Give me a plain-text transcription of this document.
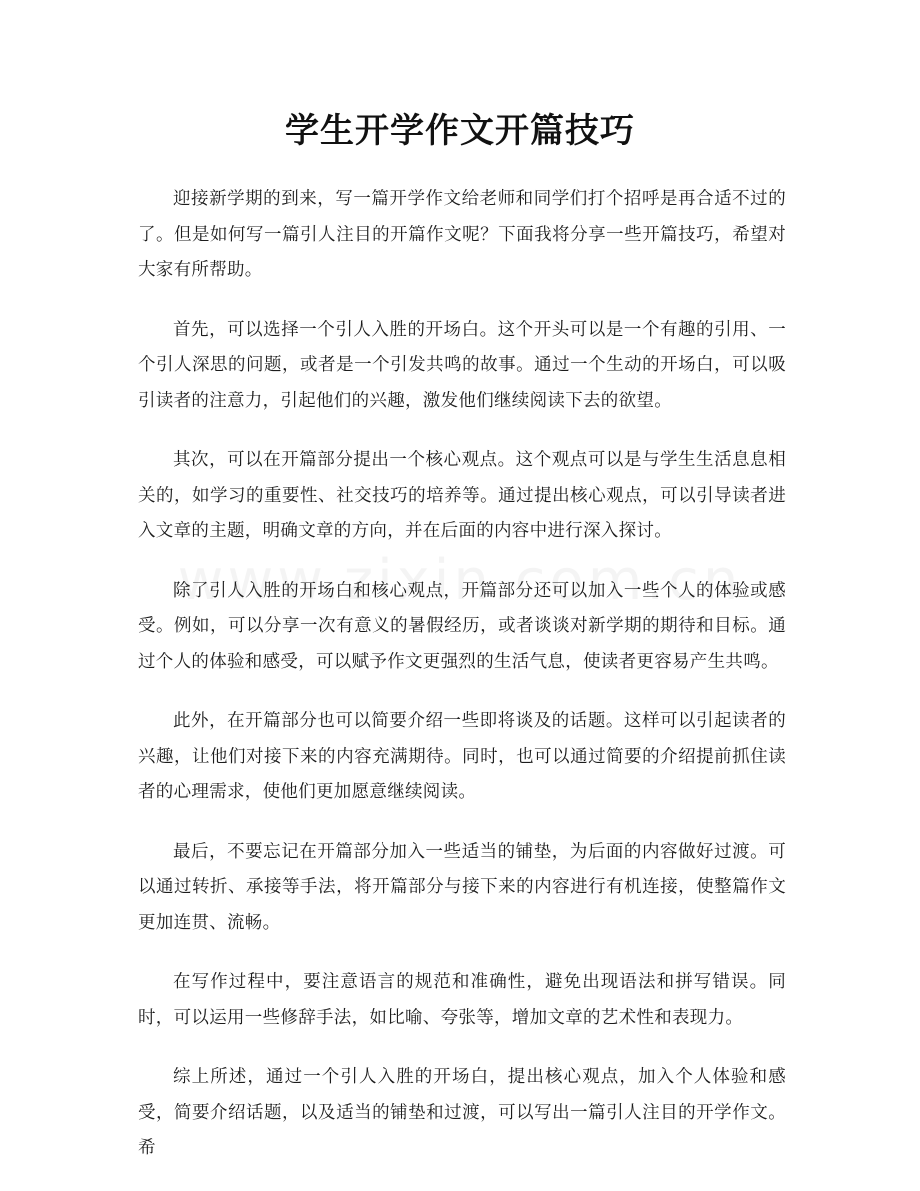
学生开学作文开篇技巧

迎接新学期的到来，写一篇开学作文给老师和同学们打个招呼是再合适不过的了。但是如何写一篇引人注目的开篇作文呢？下面我将分享一些开篇技巧，希望对大家有所帮助。

首先，可以选择一个引人入胜的开场白。这个开头可以是一个有趣的引用、一个引人深思的问题，或者是一个引发共鸣的故事。通过一个生动的开场白，可以吸引读者的注意力，引起他们的兴趣，激发他们继续阅读下去的欲望。

其次，可以在开篇部分提出一个核心观点。这个观点可以是与学生生活息息相关的，如学习的重要性、社交技巧的培养等。通过提出核心观点，可以引导读者进入文章的主题，明确文章的方向，并在后面的内容中进行深入探讨。

除了引人入胜的开场白和核心观点，开篇部分还可以加入一些个人的体验或感受。例如，可以分享一次有意义的暑假经历，或者谈谈对新学期的期待和目标。通过个人的体验和感受，可以赋予作文更强烈的生活气息，使读者更容易产生共鸣。

此外，在开篇部分也可以简要介绍一些即将谈及的话题。这样可以引起读者的兴趣，让他们对接下来的内容充满期待。同时，也可以通过简要的介绍提前抓住读者的心理需求，使他们更加愿意继续阅读。

最后，不要忘记在开篇部分加入一些适当的铺垫，为后面的内容做好过渡。可以通过转折、承接等手法，将开篇部分与接下来的内容进行有机连接，使整篇作文更加连贯、流畅。

在写作过程中，要注意语言的规范和准确性，避免出现语法和拼写错误。同时，可以运用一些修辞手法，如比喻、夸张等，增加文章的艺术性和表现力。

综上所述，通过一个引人入胜的开场白，提出核心观点，加入个人体验和感受，简要介绍话题，以及适当的铺垫和过渡，可以写出一篇引人注目的开学作文。希
